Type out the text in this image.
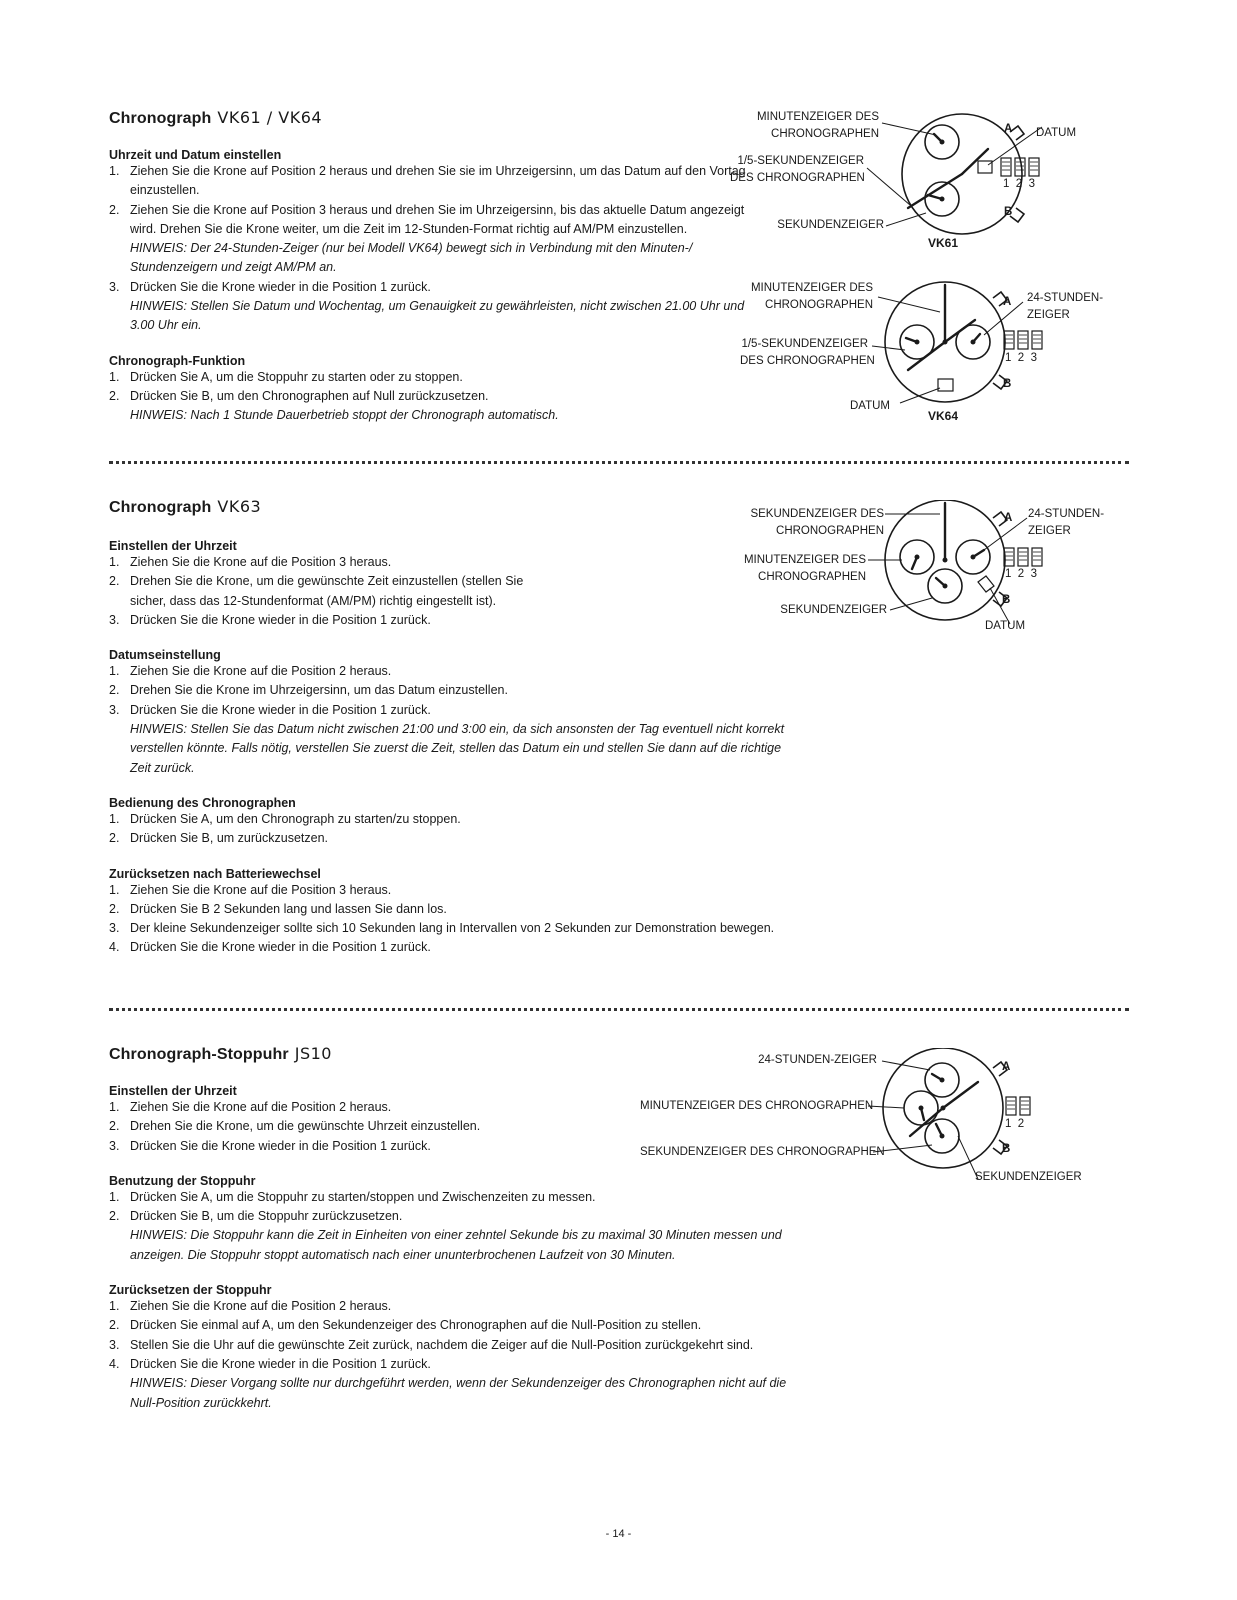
Chronograph VK61 / VK64

Uhrzeit und Datum einstellen

1. Ziehen Sie die Krone auf Position 2 heraus und drehen Sie sie im Uhrzeigersinn, um das Datum auf den Vortag einzustellen.
2. Ziehen Sie die Krone auf Position 3 heraus und drehen Sie im Uhrzeigersinn, bis das aktuelle Datum angezeigt wird. Drehen Sie die Krone weiter, um die Zeit im 12-Stunden-Format richtig auf AM/PM einzustellen.
HINWEIS: Der 24-Stunden-Zeiger (nur bei Modell VK64) bewegt sich in Verbindung mit den Minuten-/ Stundenzeigern und zeigt AM/PM an.
3. Drücken Sie die Krone wieder in die Position 1 zurück.
HINWEIS: Stellen Sie Datum und Wochentag, um Genauigkeit zu gewährleisten, nicht zwischen 21.00 Uhr und 3.00 Uhr ein.

Chronograph-Funktion

1. Drücken Sie A, um die Stoppuhr zu starten oder zu stoppen.
2. Drücken Sie B, um den Chronographen auf Null zurückzusetzen.
HINWEIS: Nach 1 Stunde Dauerbetrieb stoppt der Chronograph automatisch.
Chronograph VK63

Einstellen der Uhrzeit

1. Ziehen Sie die Krone auf die Position 3 heraus.
2. Drehen Sie die Krone, um die gewünschte Zeit einzustellen (stellen Sie sicher, dass das 12-Stundenformat (AM/PM) richtig eingestellt ist).
3. Drücken Sie die Krone wieder in die Position 1 zurück.

Datumseinstellung

1. Ziehen Sie die Krone auf die Position 2 heraus.
2. Drehen Sie die Krone im Uhrzeigersinn, um das Datum einzustellen.
3. Drücken Sie die Krone wieder in die Position 1 zurück.
HINWEIS: Stellen Sie das Datum nicht zwischen 21:00 und 3:00 ein, da sich ansonsten der Tag eventuell nicht korrekt verstellen könnte. Falls nötig, verstellen Sie zuerst die Zeit, stellen das Datum ein und stellen Sie dann auf die richtige Zeit zurück.

Bedienung des Chronographen

1. Drücken Sie A, um den Chronograph zu starten/zu stoppen.
2. Drücken Sie B, um zurückzusetzen.

Zurücksetzen nach Batteriewechsel

1. Ziehen Sie die Krone auf die Position 3 heraus.
2. Drücken Sie B 2 Sekunden lang und lassen Sie dann los.
3. Der kleine Sekundenzeiger sollte sich 10 Sekunden lang in Intervallen von 2 Sekunden zur Demonstration bewegen.
4. Drücken Sie die Krone wieder in die Position 1 zurück.
Chronograph-Stoppuhr JS10

Einstellen der Uhrzeit

1. Ziehen Sie die Krone auf die Position 2 heraus.
2. Drehen Sie die Krone, um die gewünschte Uhrzeit einzustellen.
3. Drücken Sie die Krone wieder in die Position 1 zurück.

Benutzung der Stoppuhr

1. Drücken Sie A, um die Stoppuhr zu starten/stoppen und Zwischenzeiten zu messen.
2. Drücken Sie B, um die Stoppuhr zurückzusetzen.
HINWEIS: Die Stoppuhr kann die Zeit in Einheiten von einer zehntel Sekunde bis zu maximal 30 Minuten messen und anzeigen. Die Stoppuhr stoppt automatisch nach einer ununterbrochenen Laufzeit von 30 Minuten.

Zurücksetzen der Stoppuhr

1. Ziehen Sie die Krone auf die Position 2 heraus.
2. Drücken Sie einmal auf A, um den Sekundenzeiger des Chronographen auf die Null-Position zu stellen.
3. Stellen Sie die Uhr auf die gewünschte Zeit zurück, nachdem die Zeiger auf die Null-Position zurückgekehrt sind.
4. Drücken Sie die Krone wieder in die Position 1 zurück.
HINWEIS: Dieser Vorgang sollte nur durchgeführt werden, wenn der Sekundenzeiger des Chronographen nicht auf die Null-Position zurückkehrt.
MINUTENZEIGER DES
CHRONOGRAPHEN
1/5-SEKUNDENZEIGER
DES CHRONOGRAPHEN
SEKUNDENZEIGER
DATUM
A
B
1  2  3
VK61
MINUTENZEIGER DES
CHRONOGRAPHEN
1/5-SEKUNDENZEIGER
DES CHRONOGRAPHEN
24-STUNDEN-
ZEIGER
DATUM
A
B
1  2  3
VK64
SEKUNDENZEIGER DES
CHRONOGRAPHEN
MINUTENZEIGER DES
CHRONOGRAPHEN
SEKUNDENZEIGER
24-STUNDEN-
ZEIGER
DATUM
A
B
1  2  3
24-STUNDEN-ZEIGER
MINUTENZEIGER DES CHRONOGRAPHEN
SEKUNDENZEIGER DES CHRONOGRAPHEN
SEKUNDENZEIGER
A
B
1  2
- 14 -
